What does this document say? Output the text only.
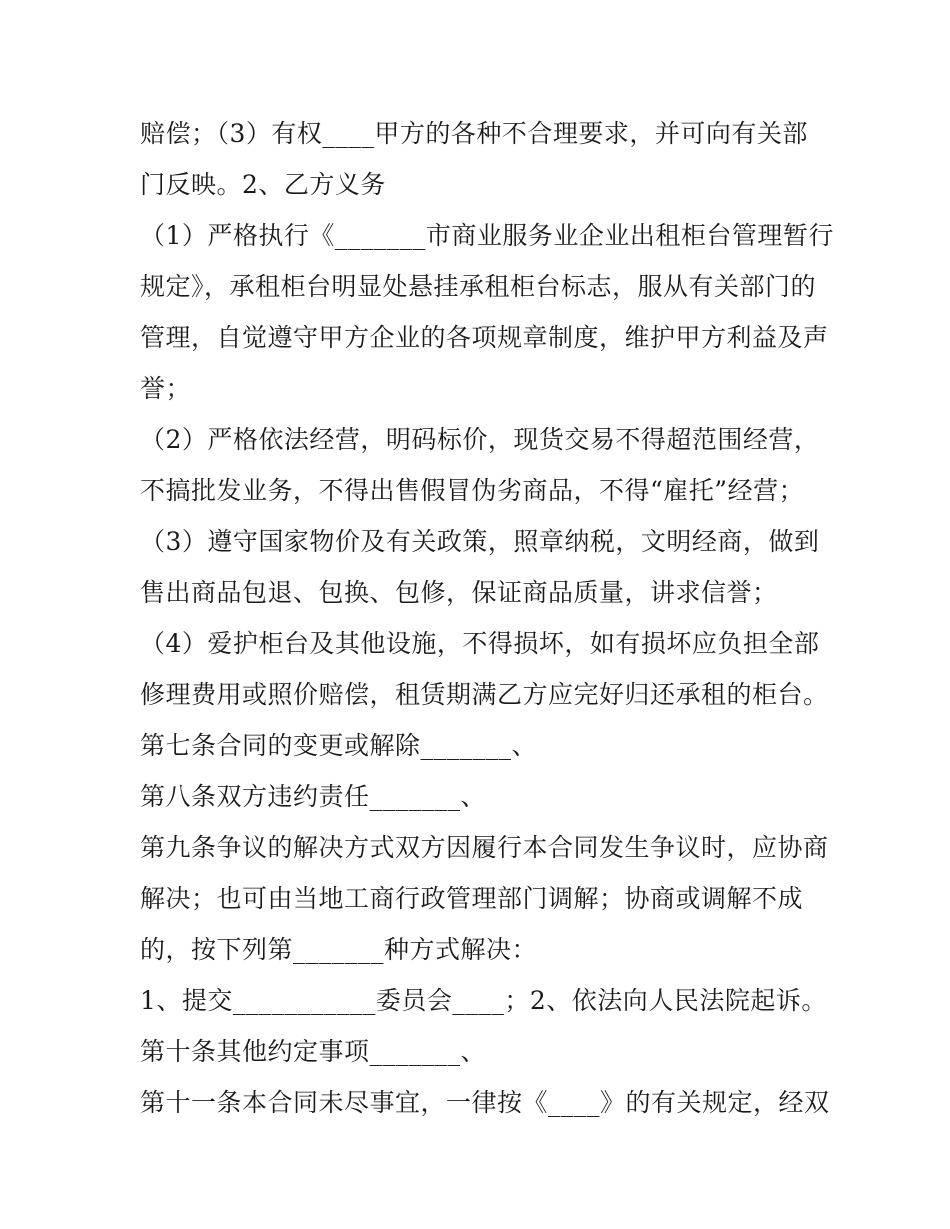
赔偿；（3）有权____甲方的各种不合理要求，并可向有关部
门反映。2、乙方义务
（1）严格执行《_______市商业服务业企业出租柜台管理暂行
规定》，承租柜台明显处悬挂承租柜台标志，服从有关部门的
管理，自觉遵守甲方企业的各项规章制度，维护甲方利益及声
誉；
（2）严格依法经营，明码标价，现货交易不得超范围经营，
不搞批发业务，不得出售假冒伪劣商品，不得“雇托”经营；
（3）遵守国家物价及有关政策，照章纳税，文明经商，做到
售出商品包退、包换、包修，保证商品质量，讲求信誉；
（4）爱护柜台及其他设施，不得损坏，如有损坏应负担全部
修理费用或照价赔偿，租赁期满乙方应完好归还承租的柜台。
第七条合同的变更或解除_______、
第八条双方违约责任_______、
第九条争议的解决方式双方因履行本合同发生争议时，应协商
解决；也可由当地工商行政管理部门调解；协商或调解不成
的，按下列第_______种方式解决：
1、提交___________委员会____；2、依法向人民法院起诉。
第十条其他约定事项_______、
第十一条本合同未尽事宜，一律按《____》的有关规定，经双
